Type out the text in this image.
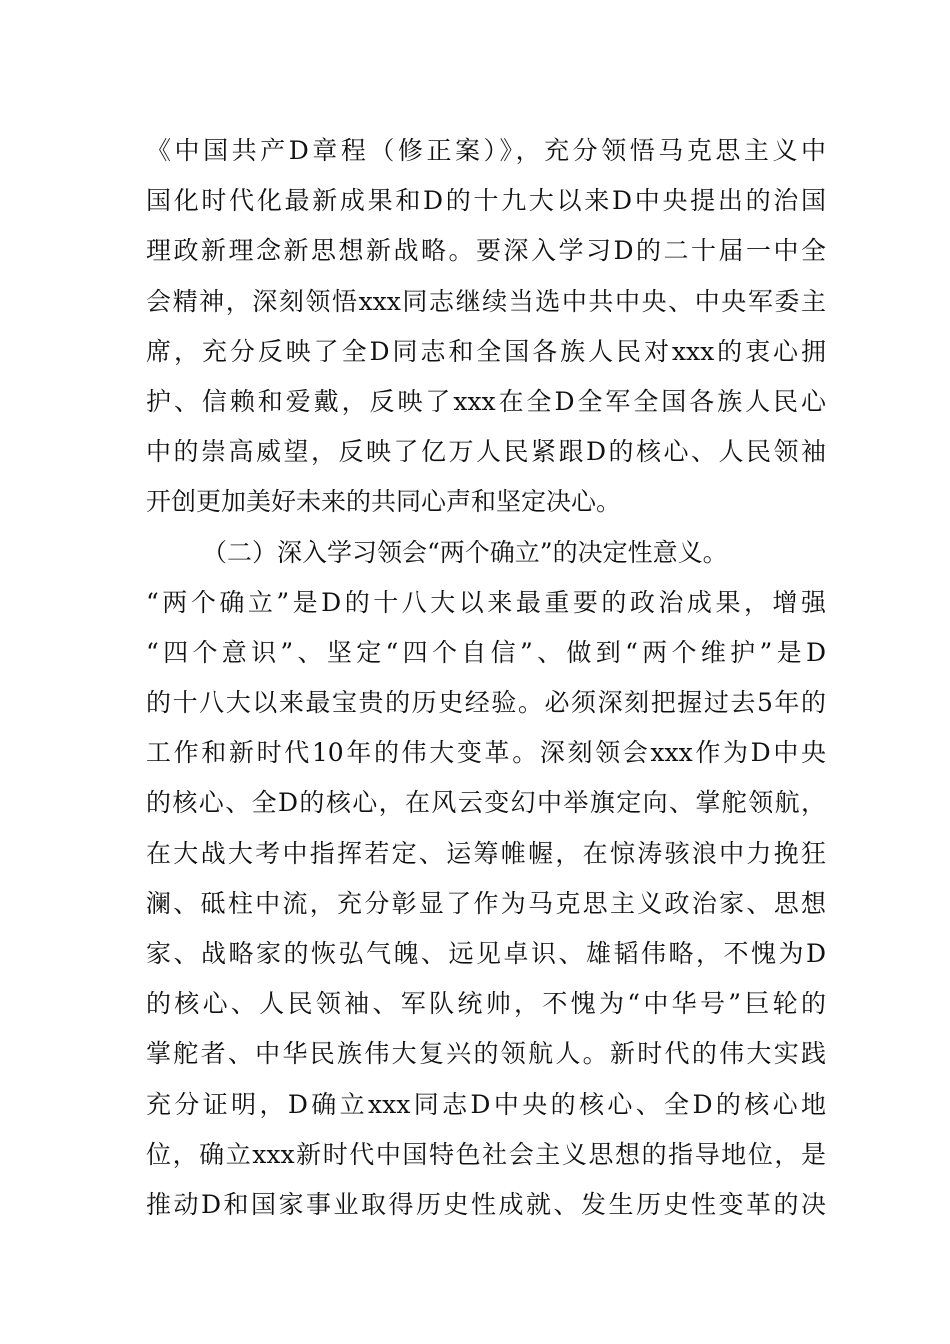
《中国共产D章程（修正案）》，充分领悟马克思主义中
国化时代化最新成果和D的十九大以来D中央提出的治国
理政新理念新思想新战略。要深入学习D的二十届一中全
会精神，深刻领悟xxx同志继续当选中共中央、中央军委主
席，充分反映了全D同志和全国各族人民对xxx的衷心拥
护、信赖和爱戴，反映了xxx在全D全军全国各族人民心
中的崇高威望，反映了亿万人民紧跟D的核心、人民领袖
开创更加美好未来的共同心声和坚定决心。
（二）深入学习领会“两个确立”的决定性意义。
“两个确立”是D的十八大以来最重要的政治成果，增强
“四个意识”、坚定“四个自信”、做到“两个维护”是D
的十八大以来最宝贵的历史经验。必须深刻把握过去5年的
工作和新时代10年的伟大变革。深刻领会xxx作为D中央
的核心、全D的核心，在风云变幻中举旗定向、掌舵领航，
在大战大考中指挥若定、运筹帷幄，在惊涛骇浪中力挽狂
澜、砥柱中流，充分彰显了作为马克思主义政治家、思想
家、战略家的恢弘气魄、远见卓识、雄韬伟略，不愧为D
的核心、人民领袖、军队统帅，不愧为“中华号”巨轮的
掌舵者、中华民族伟大复兴的领航人。新时代的伟大实践
充分证明，D确立xxx同志D中央的核心、全D的核心地
位，确立xxx新时代中国特色社会主义思想的指导地位，是
推动D和国家事业取得历史性成就、发生历史性变革的决
